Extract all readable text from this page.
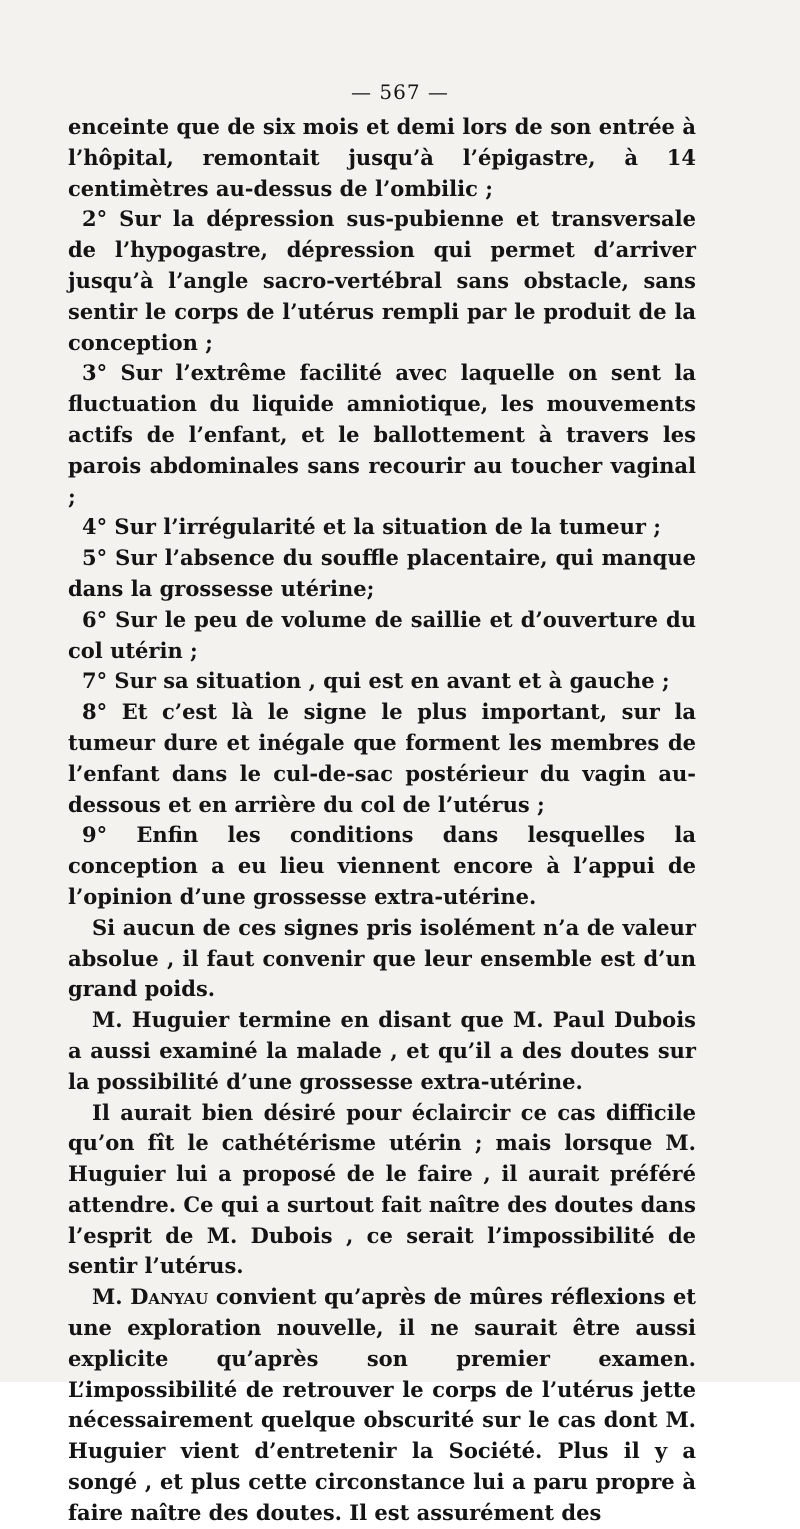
— 567 —

enceinte que de six mois et demi lors de son entrée à l’hôpital, remontait jusqu’à l’épigastre, à 14 centimètres au-dessus de l’ombilic ;

2° Sur la dépression sus-pubienne et transversale de l’hypogastre, dépression qui permet d’arriver jusqu’à l’angle sacro-vertébral sans obstacle, sans sentir le corps de l’utérus rempli par le produit de la conception ;

3° Sur l’extrême facilité avec laquelle on sent la fluctuation du liquide amniotique, les mouvements actifs de l’enfant, et le ballottement à travers les parois abdominales sans recourir au toucher vaginal ;

4° Sur l’irrégularité et la situation de la tumeur ;

5° Sur l’absence du souffle placentaire, qui manque dans la grossesse utérine;

6° Sur le peu de volume de saillie et d’ouverture du col utérin ;

7° Sur sa situation , qui est en avant et à gauche ;

8° Et c’est là le signe le plus important, sur la tumeur dure et inégale que forment les membres de l’enfant dans le cul-de-sac postérieur du vagin au-dessous et en arrière du col de l’utérus ;

9° Enfin les conditions dans lesquelles la conception a eu lieu viennent encore à l’appui de l’opinion d’une grossesse extra-utérine.

Si aucun de ces signes pris isolément n’a de valeur absolue , il faut convenir que leur ensemble est d’un grand poids.

M. Huguier termine en disant que M. Paul Dubois a aussi examiné la malade , et qu’il a des doutes sur la possibilité d’une grossesse extra-utérine.

Il aurait bien désiré pour éclaircir ce cas difficile qu’on fît le cathétérisme utérin ; mais lorsque M. Huguier lui a proposé de le faire , il aurait préféré attendre. Ce qui a surtout fait naître des doutes dans l’esprit de M. Dubois , ce serait l’impossibilité de sentir l’utérus.

M. Danyau convient qu’après de mûres réflexions et une exploration nouvelle, il ne saurait être aussi explicite qu’après son premier examen. L’impossibilité de retrouver le corps de l’utérus jette nécessairement quelque obscurité sur le cas dont M. Huguier vient d’entretenir la Société. Plus il y a songé , et plus cette circonstance lui a paru propre à faire naître des doutes. Il est assurément des
